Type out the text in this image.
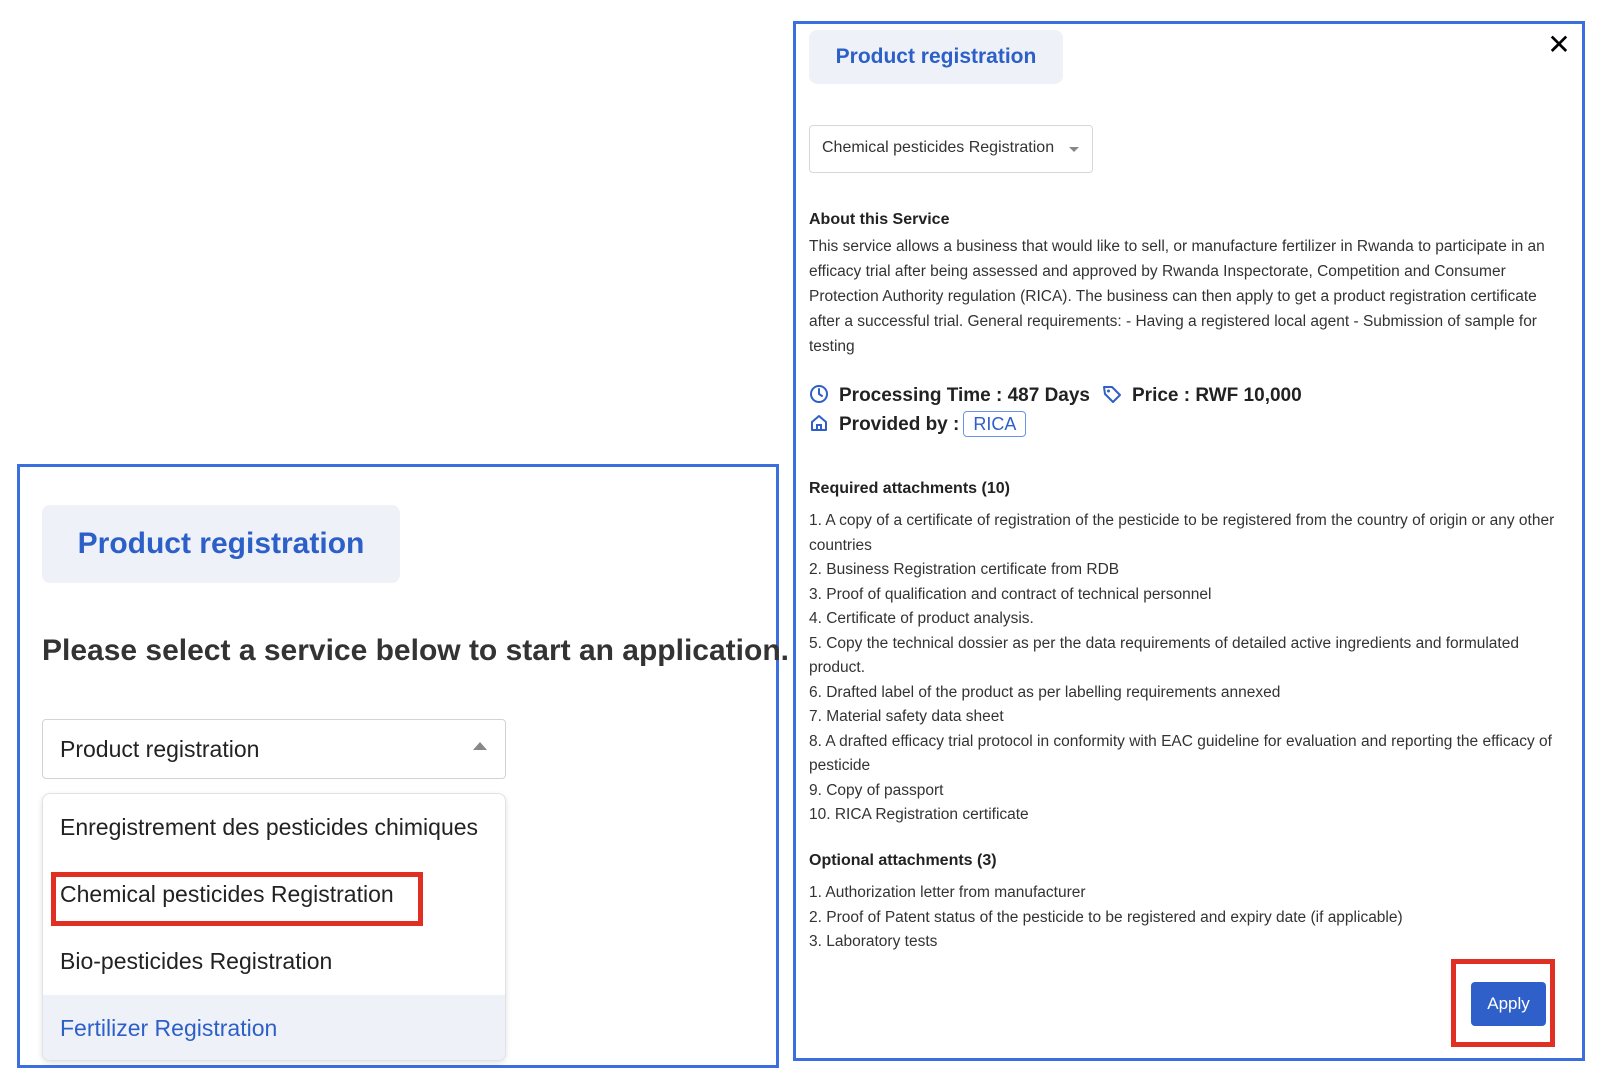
Product registration
Please select a service below to start an application.
Product registration
Enregistrement des pesticides chimiques
Chemical pesticides Registration
Bio-pesticides Registration
Fertilizer Registration
Product registration	✕
Chemical pesticides Registration
About this Service
This service allows a business that would like to sell, or manufacture fertilizer in Rwanda to participate in an efficacy trial after being assessed and approved by Rwanda Inspectorate, Competition and Consumer Protection Authority regulation (RICA). The business can then apply to get a product registration certificate after a successful trial. General requirements: - Having a registered local agent - Submission of sample for testing
Processing Time : 487 Days	Price : RWF 10,000
Provided by : RICA
Required attachments (10)
1. A copy of a certificate of registration of the pesticide to be registered from the country of origin or any other countries
2. Business Registration certificate from RDB
3. Proof of qualification and contract of technical personnel
4. Certificate of product analysis.
5. Copy the technical dossier as per the data requirements of detailed active ingredients and formulated product.
6. Drafted label of the product as per labelling requirements annexed
7. Material safety data sheet
8. A drafted efficacy trial protocol in conformity with EAC guideline for evaluation and reporting the efficacy of pesticide
9. Copy of passport
10. RICA Registration certificate
Optional attachments (3)
1. Authorization letter from manufacturer
2. Proof of Patent status of the pesticide to be registered and expiry date (if applicable)
3. Laboratory tests
Apply
